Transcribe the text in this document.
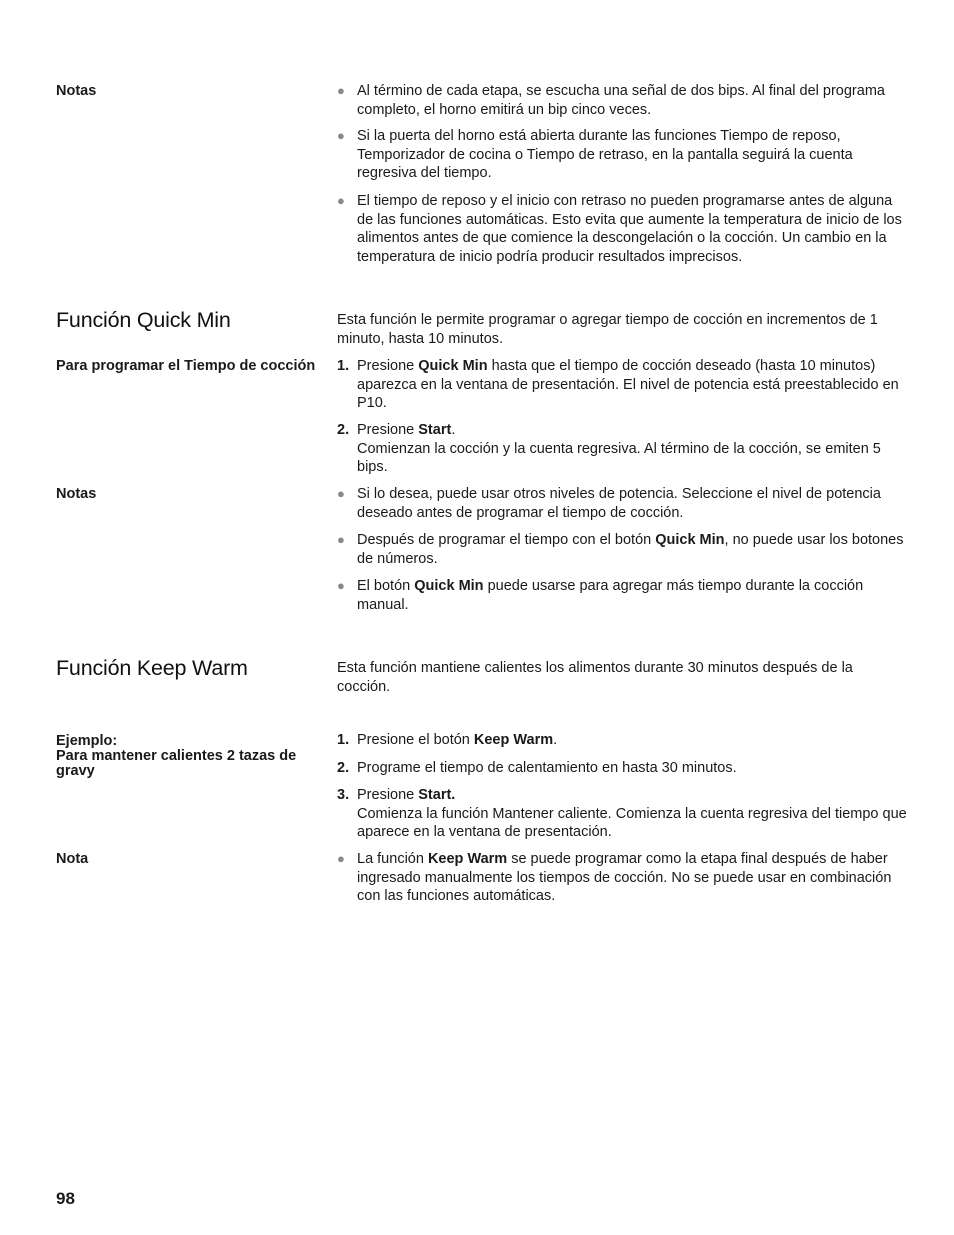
Notas	● Al término de cada etapa, se escucha una señal de dos bips. Al final del programa completo, el horno emitirá un bip cinco veces.
● Si la puerta del horno está abierta durante las funciones Tiempo de reposo, Temporizador de cocina o Tiempo de retraso, en la pantalla seguirá la cuenta regresiva del tiempo.
● El tiempo de reposo y el inicio con retraso no pueden programarse antes de alguna de las funciones automáticas. Esto evita que aumente la temperatura de inicio de los alimentos antes de que comience la descongelación o la cocción. Un cambio en la temperatura de inicio podría producir resultados imprecisos.
Función Quick Min	Esta función le permite programar o agregar tiempo de cocción en incrementos de 1 minuto, hasta 10 minutos.
Para programar el Tiempo de cocción	1. Presione Quick Min hasta que el tiempo de cocción deseado (hasta 10 minutos) aparezca en la ventana de presentación. El nivel de potencia está preestablecido en P10.
2. Presione Start.
Comienzan la cocción y la cuenta regresiva. Al término de la cocción, se emiten 5 bips.
Notas	● Si lo desea, puede usar otros niveles de potencia. Seleccione el nivel de potencia deseado antes de programar el tiempo de cocción.
● Después de programar el tiempo con el botón Quick Min, no puede usar los botones de números.
● El botón Quick Min puede usarse para agregar más tiempo durante la cocción manual.
Función Keep Warm	Esta función mantiene calientes los alimentos durante 30 minutos después de la cocción.
Ejemplo:
Para mantener calientes 2 tazas de gravy
1. Presione el botón Keep Warm.
2. Programe el tiempo de calentamiento en hasta 30 minutos.
3. Presione Start.
Comienza la función Mantener caliente. Comienza la cuenta regresiva del tiempo que aparece en la ventana de presentación.
Nota	● La función Keep Warm se puede programar como la etapa final después de haber ingresado manualmente los tiempos de cocción. No se puede usar en combinación con las funciones automáticas.
98
